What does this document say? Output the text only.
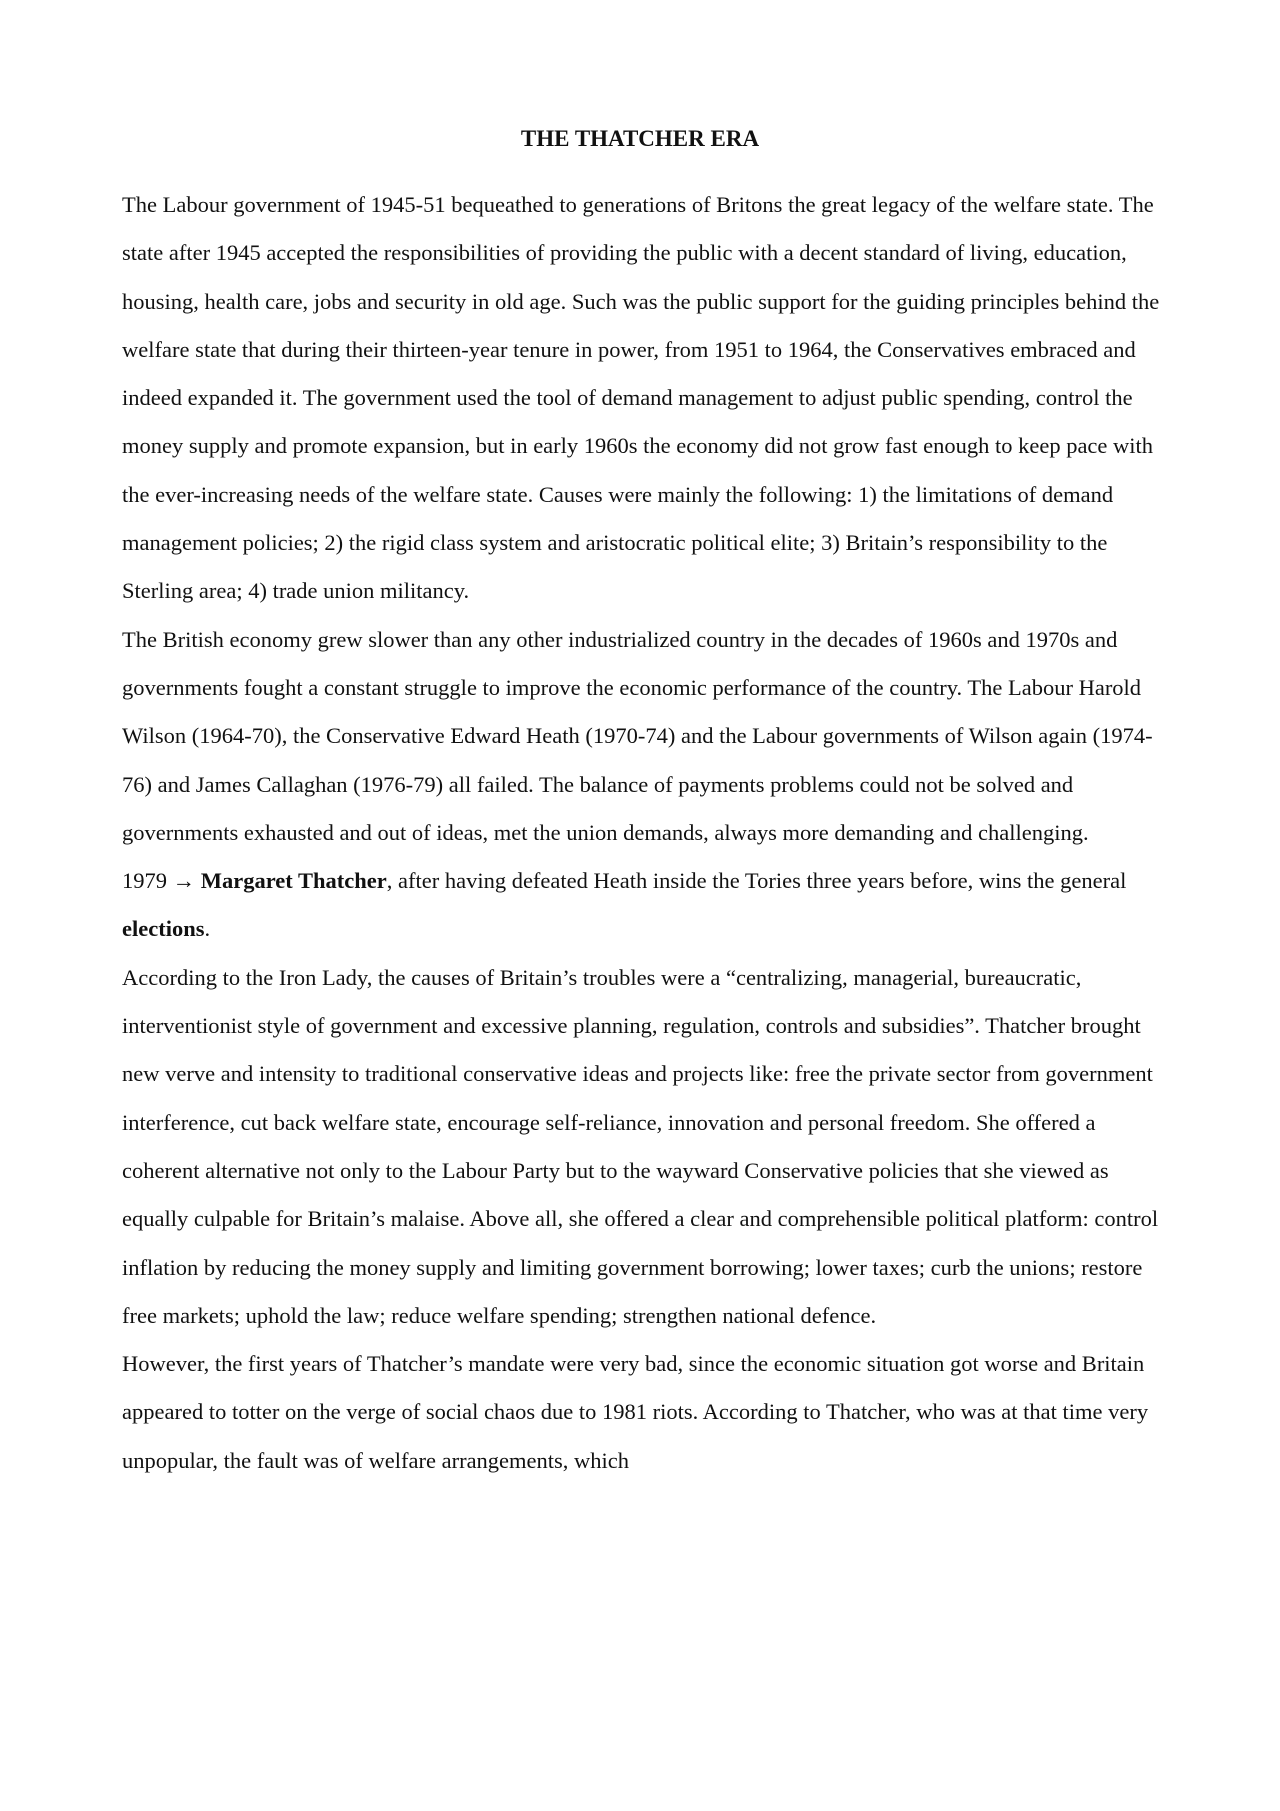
THE THATCHER ERA

The Labour government of 1945-51 bequeathed to generations of Britons the great legacy of the welfare state. The state after 1945 accepted the responsibilities of providing the public with a decent standard of living, education, housing, health care, jobs and security in old age. Such was the public support for the guiding principles behind the welfare state that during their thirteen-year tenure in power, from 1951 to 1964, the Conservatives embraced and indeed expanded it. The government used the tool of demand management to adjust public spending, control the money supply and promote expansion, but in early 1960s the economy did not grow fast enough to keep pace with the ever-increasing needs of the welfare state. Causes were mainly the following: 1) the limitations of demand management policies; 2) the rigid class system and aristocratic political elite; 3) Britain’s responsibility to the Sterling area; 4) trade union militancy.

The British economy grew slower than any other industrialized country in the decades of 1960s and 1970s and governments fought a constant struggle to improve the economic performance of the country. The Labour Harold Wilson (1964-70), the Conservative Edward Heath (1970-74) and the Labour governments of Wilson again (1974-76) and James Callaghan (1976-79) all failed. The balance of payments problems could not be solved and governments exhausted and out of ideas, met the union demands, always more demanding and challenging.

1979 → Margaret Thatcher, after having defeated Heath inside the Tories three years before, wins the general elections.

According to the Iron Lady, the causes of Britain’s troubles were a “centralizing, managerial, bureaucratic, interventionist style of government and excessive planning, regulation, controls and subsidies”. Thatcher brought new verve and intensity to traditional conservative ideas and projects like: free the private sector from government interference, cut back welfare state, encourage self-reliance, innovation and personal freedom. She offered a coherent alternative not only to the Labour Party but to the wayward Conservative policies that she viewed as equally culpable for Britain’s malaise. Above all, she offered a clear and comprehensible political platform: control inflation by reducing the money supply and limiting government borrowing; lower taxes; curb the unions; restore free markets; uphold the law; reduce welfare spending; strengthen national defence.

However, the first years of Thatcher’s mandate were very bad, since the economic situation got worse and Britain appeared to totter on the verge of social chaos due to 1981 riots. According to Thatcher, who was at that time very unpopular, the fault was of welfare arrangements, which
